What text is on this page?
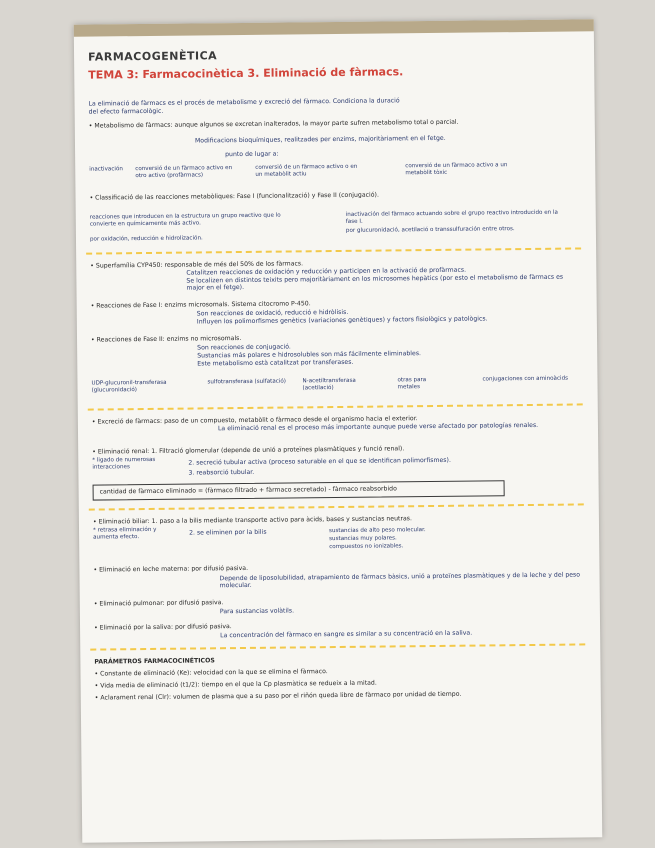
FARMACOGENÈTICA
TEMA 3: Farmacocinètica 3. Eliminació de fàrmacs.
La eliminació de fàrmacs es el procés de metabolisme y excreció del fàrmaco. Condiciona la duració
del efecto farmacològic.
• Metabolismo de fàrmacs: aunque algunos se excretan inalterados, la mayor parte sufren metabolismo total o parcial.
Modificacions bioquímiques, realitzades per enzims, majoritàriament en el fetge.
punto de lugar a:
inactivación conversió de un fàrmaco activo en otro activo (profàrmacs)
conversió de un fàrmaco activo o en un metabòlit actiu
conversió de un fàrmaco activo a un metabòlit tòxic
• Classificació de las reacciones metabòliques: Fase I (funcionalització) y Fase II (conjugació).
reacciones que introducen en la estructura un grupo reactivo que lo convierte en químicamente más activo.
por oxidación, reducción e hidrolización.
inactivación del fàrmaco actuando sobre el grupo reactivo introducido en la fase I.
por glucuronidació, acetilació o transsulfuración entre otros.
• Superfamília CYP450: responsable de més del 50% de los fàrmacs.
Catalitzen reacciones de oxidación y reducción y participen en la activació de profàrmacs.
Se localizen en distintos teixits pero majoritàriament en los microsomes hepàtics (por esto el metabolismo de fàrmacs es major en el fetge).
• Reacciones de Fase I: enzims microsomals. Sistema citocromo P-450.
Son reacciones de oxidació, reducció e hidròlisis.
Influyen los polimorfismes genètics (variaciones genètiques) y factors fisiològics y patològics.
• Reacciones de Fase II: enzims no microsomals.
Son reacciones de conjugació.
Sustancias más polares e hidrosolubles son más fácilmente eliminables.
Este metabolismo està catalitzat por transferases.
UDP-glucuronil-transferasa (glucuronidació)
sulfotransferasa (sulfatació)	N-acetiltransferasa (acetilació)
otras para metales
conjugaciones con aminoàcids
• Excreció de fàrmacs: paso de un compuesto, metabòlit o fàrmaco desde el organismo hacia el exterior.
La eliminació renal es el proceso más importante aunque puede verse afectado por patologías renales.
• Eliminació renal: 1. Filtració glomerular (depende de unió a proteïnes plasmàtiques y funció renal).
* ligado de numerosas interacciones
2. secreció tubular activa (proceso saturable en el que se identifican polimorfismes).
3. reabsorció tubular.
cantidad de fàrmaco eliminado = (fàrmaco filtrado + fàrmaco secretado) - fàrmaco reabsorbido
• Eliminació biliar: 1. paso a la bilis mediante transporte activo para àcids, bases y sustancias neutras.
* retrasa eliminación y aumenta efecto.
2. se eliminen por la bilis	sustancias de alto peso molecular.
sustancias muy polares.
compuestos no ionizables.
• Eliminació en leche materna: por difusió pasiva.
Depende de liposolubilidad, atrapamiento de fàrmacs bàsics, unió a proteïnes plasmàtiques y de la leche y del peso molecular.
• Eliminació pulmonar: por difusió pasiva.
Para sustancias volàtils.
• Eliminació por la saliva: por difusió pasiva.
La concentración del fàrmaco en sangre es similar a su concentració en la saliva.
PARÁMETROS FARMACOCINÉTICOS
• Constante de eliminació (Ke): velocidad con la que se elimina el fàrmaco.
• Vida media de eliminació (t1/2): tiempo en el que la Cp plasmàtica se redueix a la mitad.
• Aclarament renal (Clr): volumen de plasma que a su paso por el riñón queda libre de fàrmaco por unidad de tiempo.
